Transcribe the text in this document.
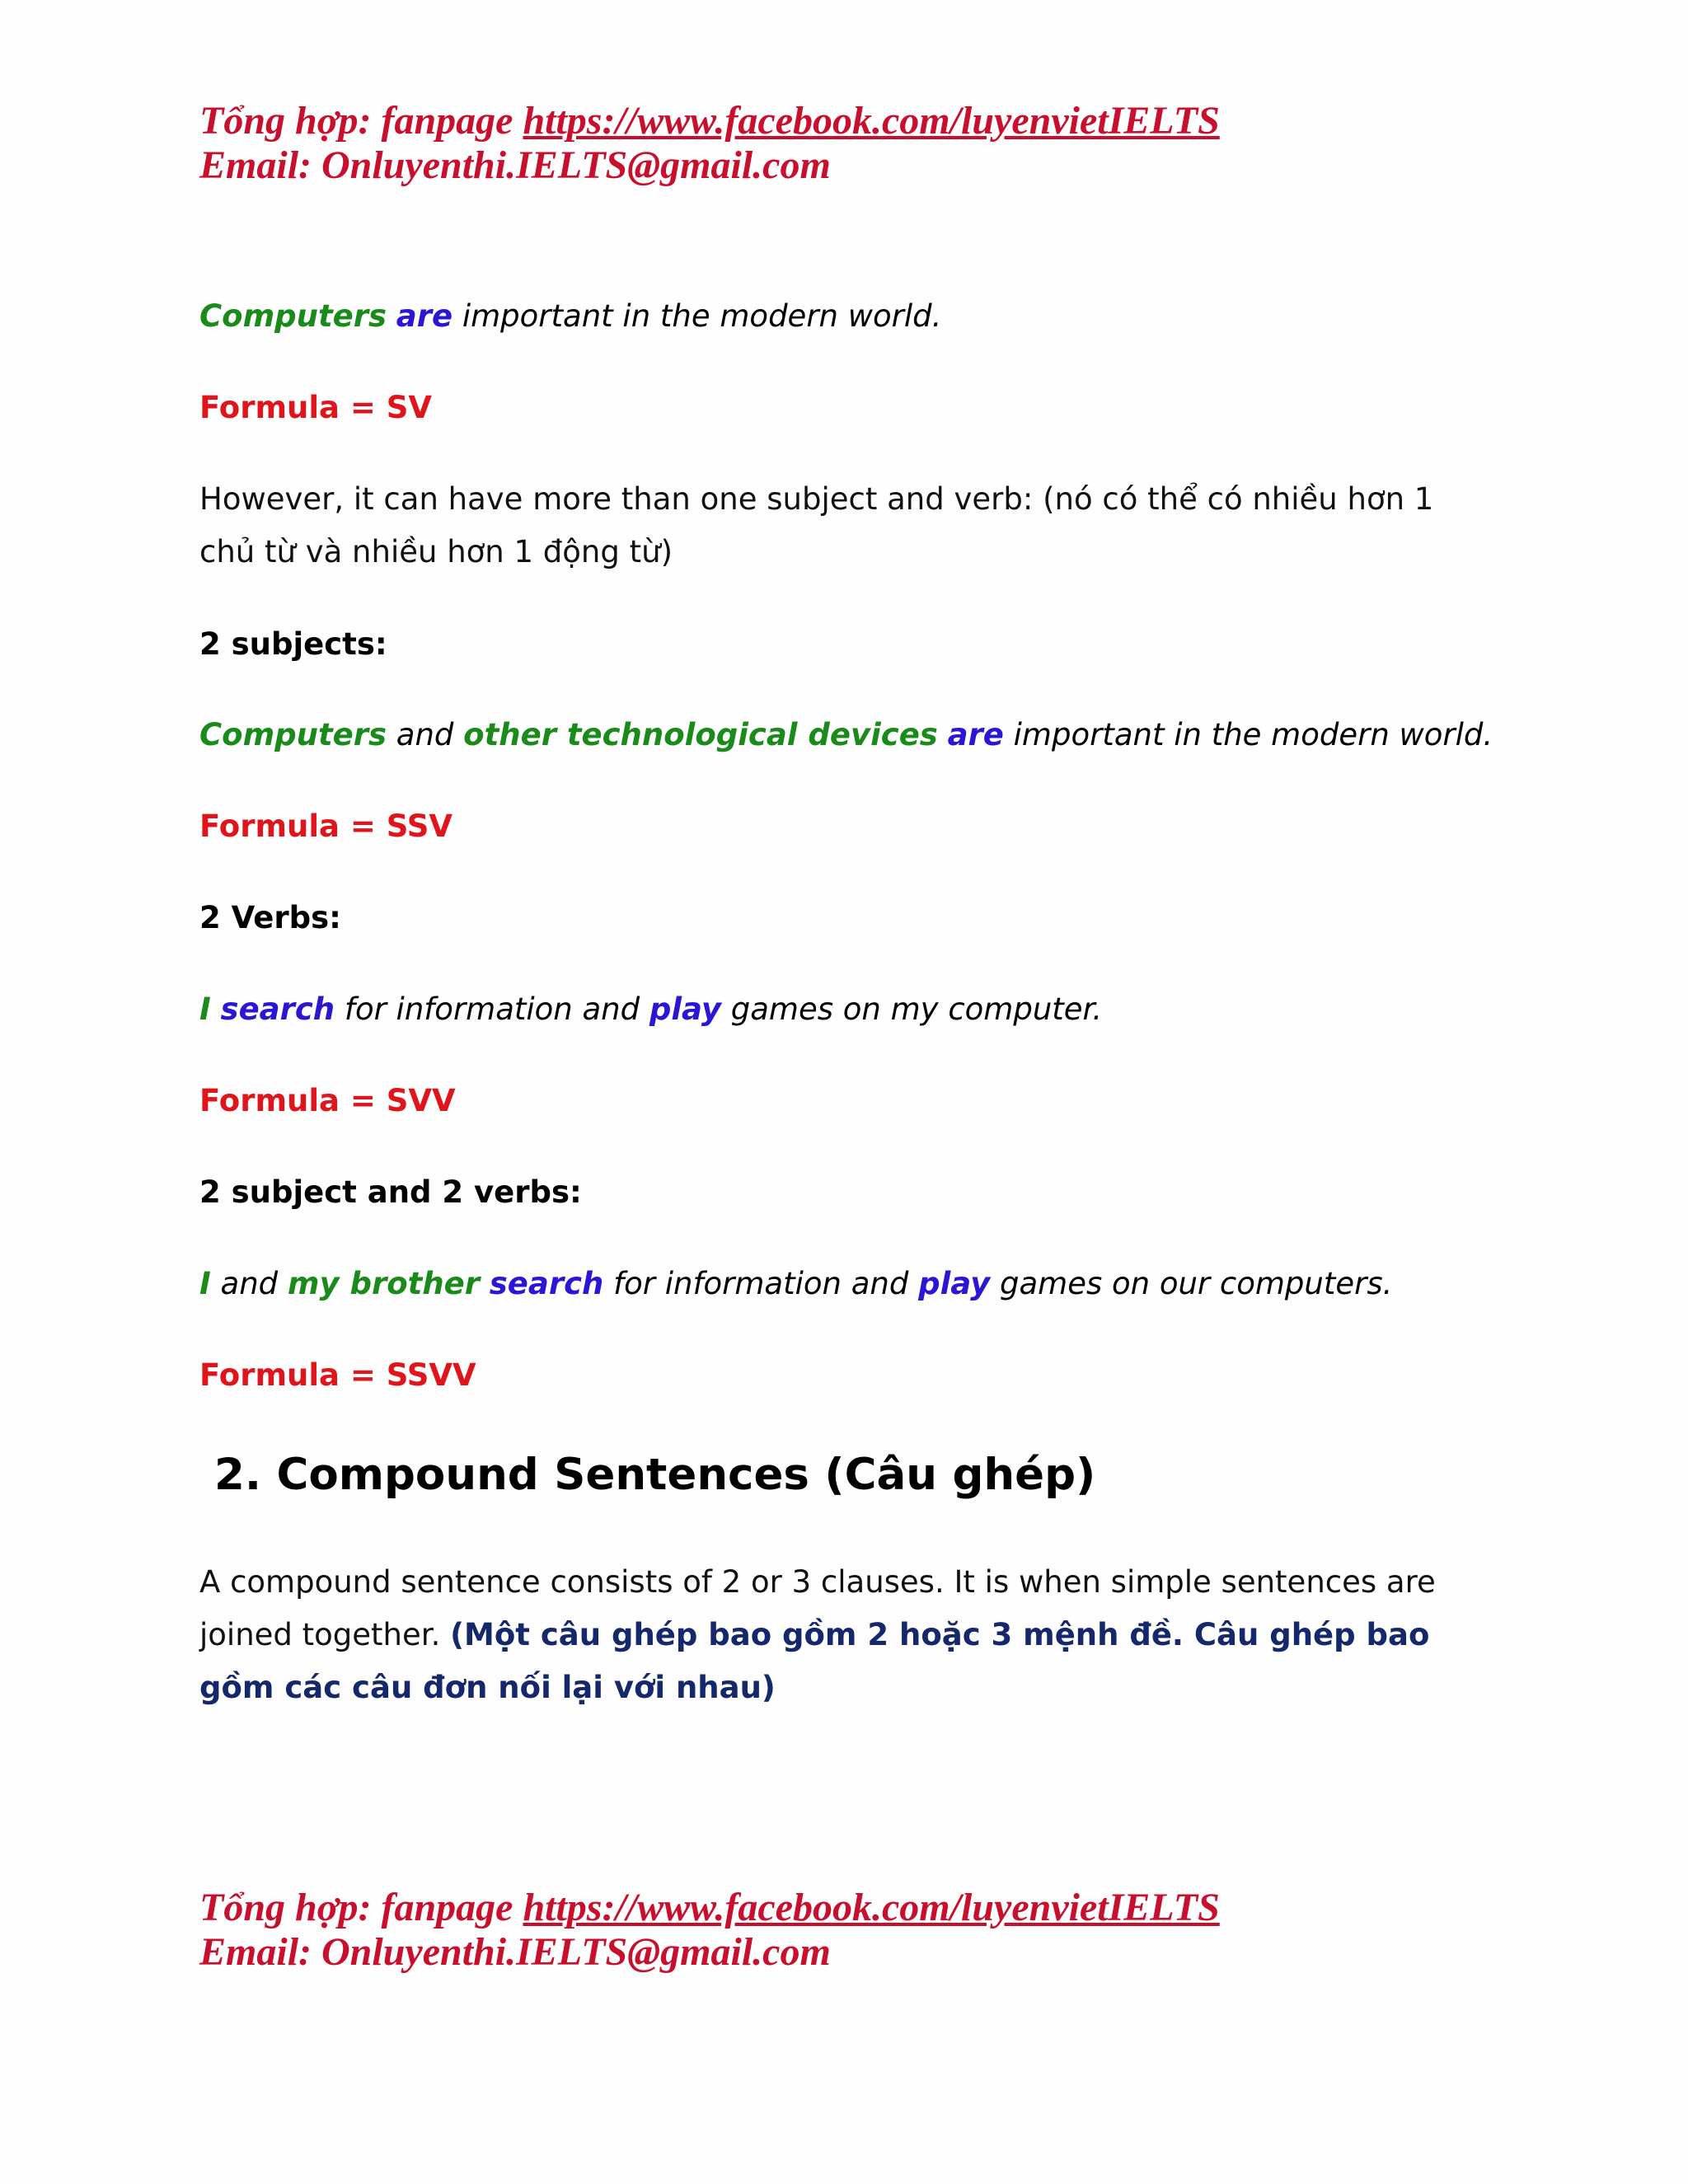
Tổng hợp: fanpage https://www.facebook.com/luyenvietIELTS
Email: Onluyenthi.IELTS@gmail.com
Computers are important in the modern world.
Formula = SV
However, it can have more than one subject and verb: (nó có thể có nhiều hơn 1 chủ từ và nhiều hơn 1 động từ)
2 subjects:
Computers and other technological devices are important in the modern world.
Formula = SSV
2 Verbs:
I search for information and play games on my computer.
Formula = SVV
2 subject and 2 verbs:
I and my brother search for information and play games on our computers.
Formula = SSVV
2. Compound Sentences (Câu ghép)
A compound sentence consists of 2 or 3 clauses. It is when simple sentences are joined together. (Một câu ghép bao gồm 2 hoặc 3 mệnh đề. Câu ghép bao gồm các câu đơn nối lại với nhau)
Tổng hợp: fanpage https://www.facebook.com/luyenvietIELTS
Email: Onluyenthi.IELTS@gmail.com
